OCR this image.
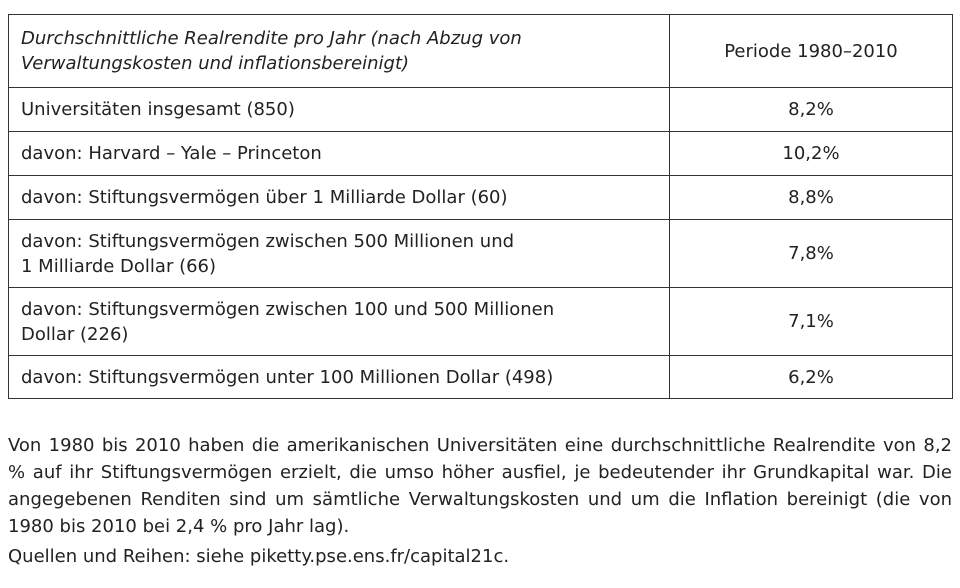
Durchschnittliche Realrendite pro Jahr (nach Abzug von
Verwaltungskosten und inflationsbereinigt)	Periode 1980–2010
Universitäten insgesamt (850)	8,2%
davon: Harvard – Yale – Princeton	10,2%
davon: Stiftungsvermögen über 1 Milliarde Dollar (60)	8,8%
davon: Stiftungsvermögen zwischen 500 Millionen und
1 Milliarde Dollar (66)	7,8%
davon: Stiftungsvermögen zwischen 100 und 500 Millionen
Dollar (226)	7,1%
davon: Stiftungsvermögen unter 100 Millionen Dollar (498)	6,2%

Von 1980 bis 2010 haben die amerikanischen Universitäten eine durchschnittliche Realrendite von 8,2 % auf ihr Stiftungsvermögen erzielt, die umso höher ausfiel, je bedeutender ihr Grundkapital war. Die angegebenen Renditen sind um sämtliche Verwaltungskosten und um die Inflation bereinigt (die von 1980 bis 2010 bei 2,4 % pro Jahr lag).

Quellen und Reihen: siehe piketty.pse.ens.fr/capital21c.
